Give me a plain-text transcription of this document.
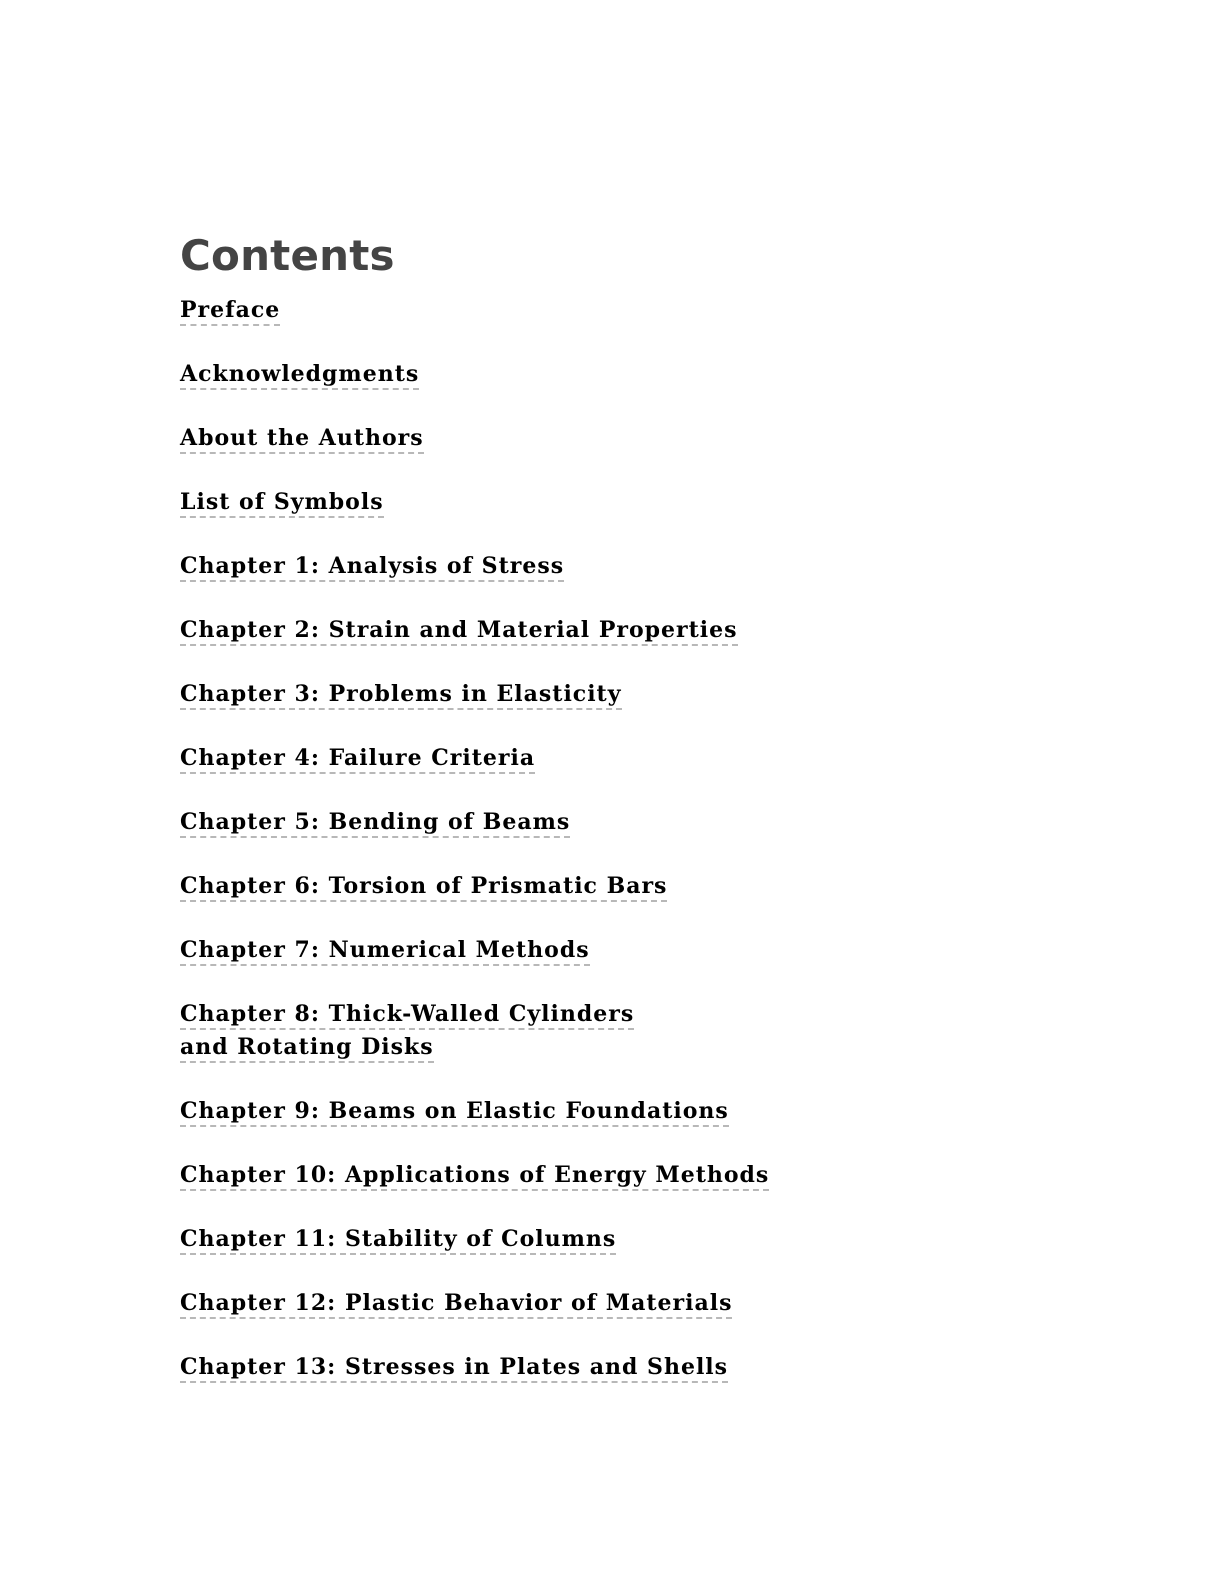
Contents
Preface
Acknowledgments
About the Authors
List of Symbols
Chapter 1: Analysis of Stress
Chapter 2: Strain and Material Properties
Chapter 3: Problems in Elasticity
Chapter 4: Failure Criteria
Chapter 5: Bending of Beams
Chapter 6: Torsion of Prismatic Bars
Chapter 7: Numerical Methods
Chapter 8: Thick-Walled Cylinders and Rotating Disks
Chapter 9: Beams on Elastic Foundations
Chapter 10: Applications of Energy Methods
Chapter 11: Stability of Columns
Chapter 12: Plastic Behavior of Materials
Chapter 13: Stresses in Plates and Shells
